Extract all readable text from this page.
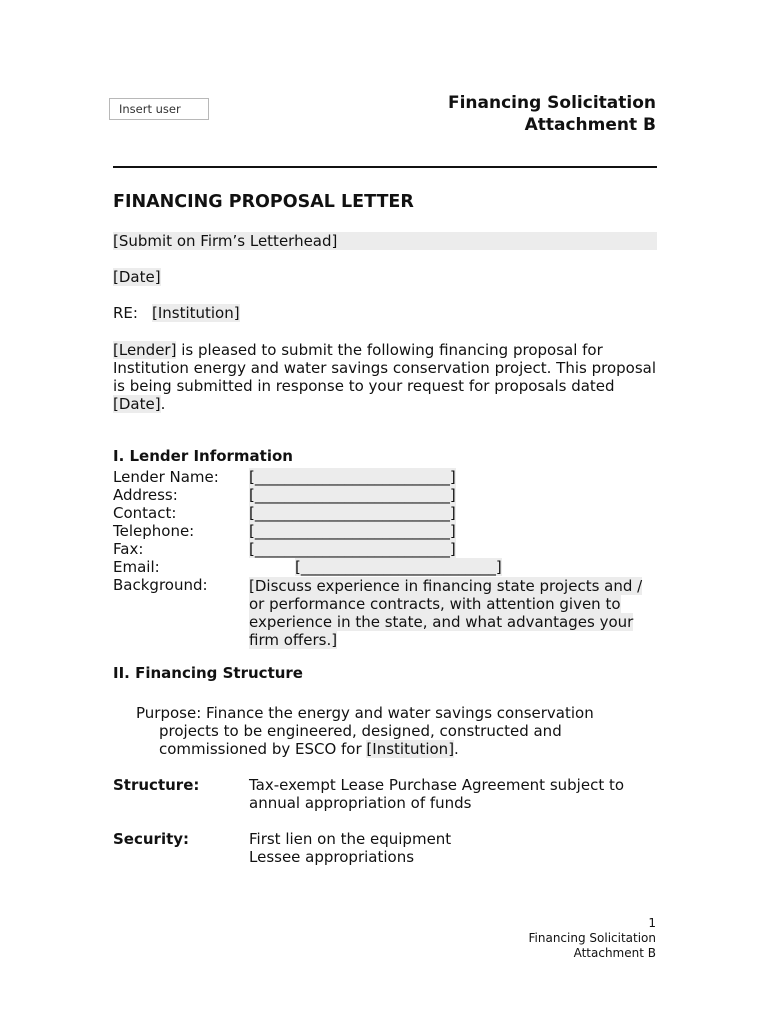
Insert user	Financing Solicitation
Attachment B
FINANCING PROPOSAL LETTER
[Submit on Firm’s Letterhead]
[Date]
RE: [Institution]
[Lender] is pleased to submit the following financing proposal for Institution energy and water savings conservation project. This proposal is being submitted in response to your request for proposals dated [Date].
I. Lender Information
Lender Name: [__________________________]
Address:	[__________________________]
Contact:	[__________________________]
Telephone:	[__________________________]
Fax:	[__________________________]
Email:	[__________________________]
Background:	[Discuss experience in financing state projects and / or performance contracts, with attention given to experience in the state, and what advantages your firm offers.]
II. Financing Structure
Purpose: Finance the energy and water savings conservation
projects to be engineered, designed, constructed and
commissioned by ESCO for [Institution].
Structure:	Tax-exempt Lease Purchase Agreement subject to annual appropriation of funds
Security:	First lien on the equipment
Lessee appropriations
1
Financing Solicitation
Attachment B
